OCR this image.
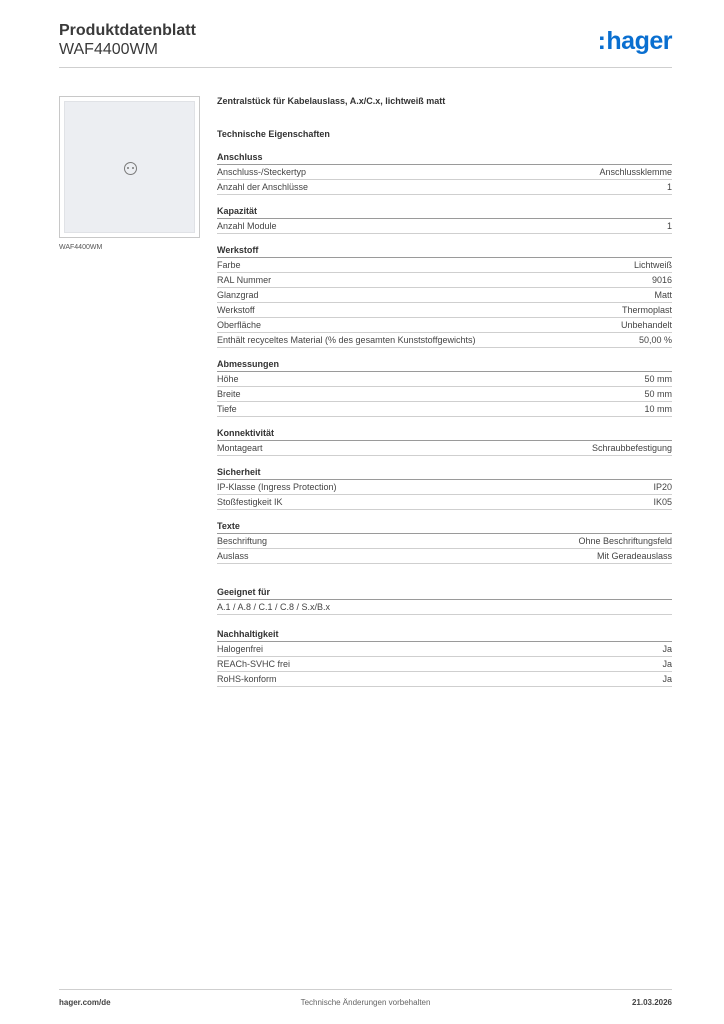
Produktdatenblatt
WAF4400WM	:hager
WAF4400WM
Zentralstück für Kabelauslass, A.x/C.x, lichtweiß matt
Technische Eigenschaften
Anschluss
Anschluss-/Steckertyp	Anschlussklemme
Anzahl der Anschlüsse	1
Kapazität
Anzahl Module	1
Werkstoff
Farbe	Lichtweiß
RAL Nummer	9016
Glanzgrad	Matt
Werkstoff	Thermoplast
Oberfläche	Unbehandelt
Enthält recyceltes Material (% des gesamten Kunststoffgewichts)	50,00 %
Abmessungen
Höhe	50 mm
Breite	50 mm
Tiefe	10 mm
Konnektivität
Montageart	Schraubbefestigung
Sicherheit
IP-Klasse (Ingress Protection)	IP20
Stoßfestigkeit IK	IK05
Texte
Beschriftung	Ohne Beschriftungsfeld
Auslass	Mit Geradeauslass
Geeignet für
A.1 / A.8 / C.1 / C.8 / S.x/B.x
Nachhaltigkeit
Halogenfrei	Ja
REACh-SVHC frei	Ja
RoHS-konform	Ja
hager.com/de	Technische Änderungen vorbehalten	21.03.2026
